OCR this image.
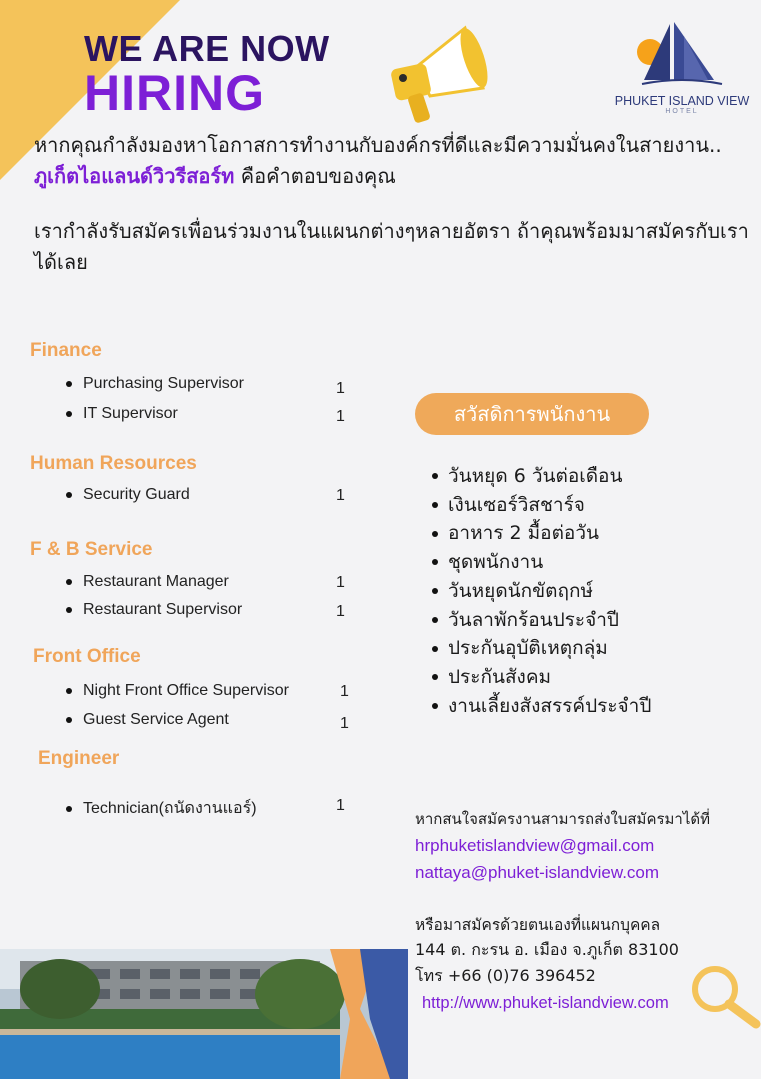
WE ARE NOW
HIRING	PHUKET ISLAND VIEW
HOTEL
หากคุณกำลังมองหาโอกาสการทำงานกับองค์กรที่ดีและมีความมั่นคงในสายงาน.. ภูเก็ตไอแลนด์วิวรีสอร์ท คือคำตอบของคุณ
เรากำลังรับสมัครเพื่อนร่วมงานในแผนกต่างๆหลายอัตรา ถ้าคุณพร้อมมาสมัครกับเราได้เลย
Finance
Purchasing Supervisor	1
IT Supervisor	1
Human Resources
Security Guard	1
F & B Service
Restaurant Manager	1
Restaurant Supervisor	1
Front Office
Night Front Office Supervisor	1
Guest Service Agent	1
Engineer
Technician(ถนัดงานแอร์)	1
สวัสดิการพนักงาน
วันหยุด 6 วันต่อเดือน
เงินเซอร์วิสชาร์จ
อาหาร 2 มื้อต่อวัน
ชุดพนักงาน
วันหยุดนักขัตฤกษ์
วันลาพักร้อนประจำปี
ประกันอุบัติเหตุกลุ่ม
ประกันสังคม
งานเลี้ยงสังสรรค์ประจำปี
หากสนใจสมัครงานสามารถส่งใบสมัครมาได้ที่
hrphuketislandview@gmail.com
nattaya@phuket-islandview.com
หรือมาสมัครด้วยตนเองที่แผนกบุคคล
144 ต. กะรน อ. เมือง จ.ภูเก็ต 83100
โทร +66 (0)76 396452
http://www.phuket-islandview.com
